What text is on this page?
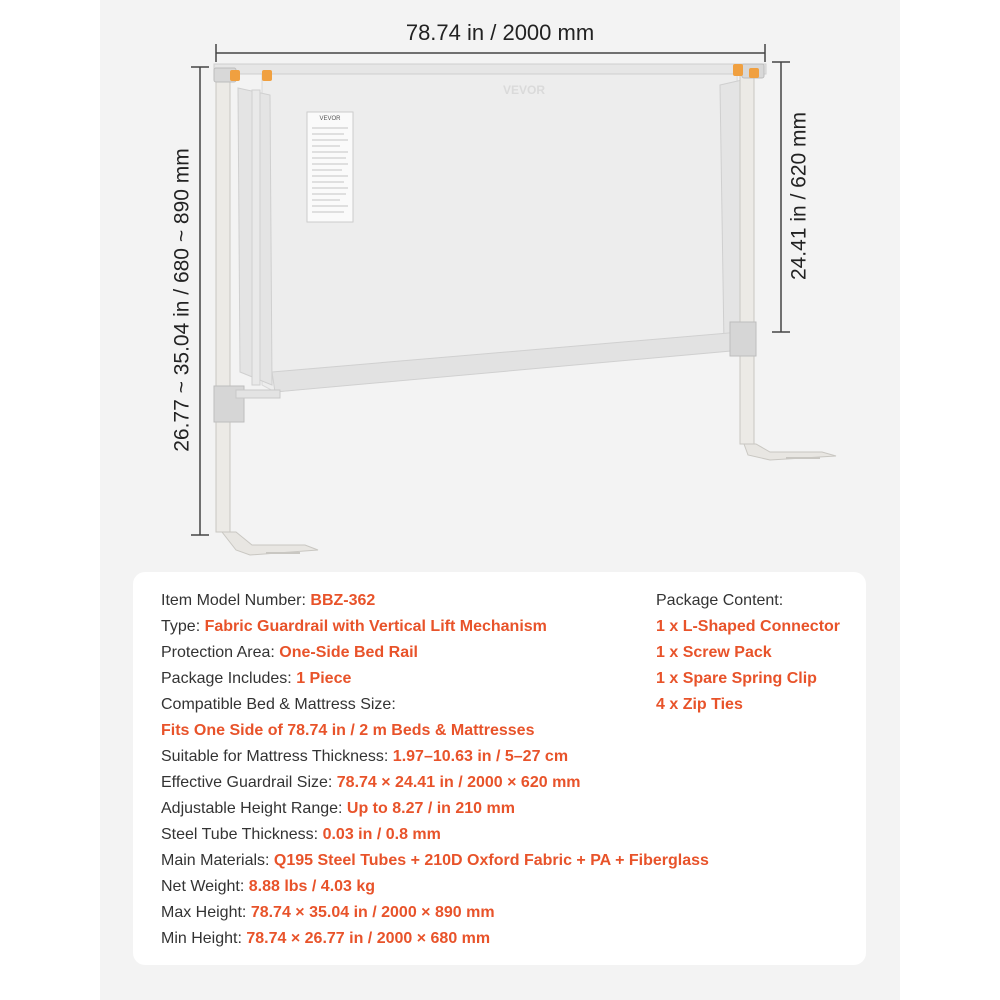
VEVOR
VEVOR
78.74 in / 2000 mm
26.77 ~ 35.04 in / 680 ~ 890 mm	24.41 in / 620 mm
Item Model Number: BBZ-362
Type: Fabric Guardrail with Vertical Lift Mechanism
Protection Area: One-Side Bed Rail
Package Includes: 1 Piece
Compatible Bed & Mattress Size:
Fits One Side of 78.74 in / 2 m Beds & Mattresses
Suitable for Mattress Thickness: 1.97–10.63 in / 5–27 cm
Effective Guardrail Size: 78.74 × 24.41 in / 2000 × 620 mm
Adjustable Height Range: Up to 8.27 / in 210 mm
Steel Tube Thickness: 0.03 in / 0.8 mm
Main Materials: Q195 Steel Tubes + 210D Oxford Fabric + PA + Fiberglass
Net Weight: 8.88 lbs / 4.03 kg
Max Height: 78.74 × 35.04 in / 2000 × 890 mm
Min Height: 78.74 × 26.77 in / 2000 × 680 mm
Package Content:
1 x L-Shaped Connector
1 x Screw Pack
1 x Spare Spring Clip
4 x Zip Ties
